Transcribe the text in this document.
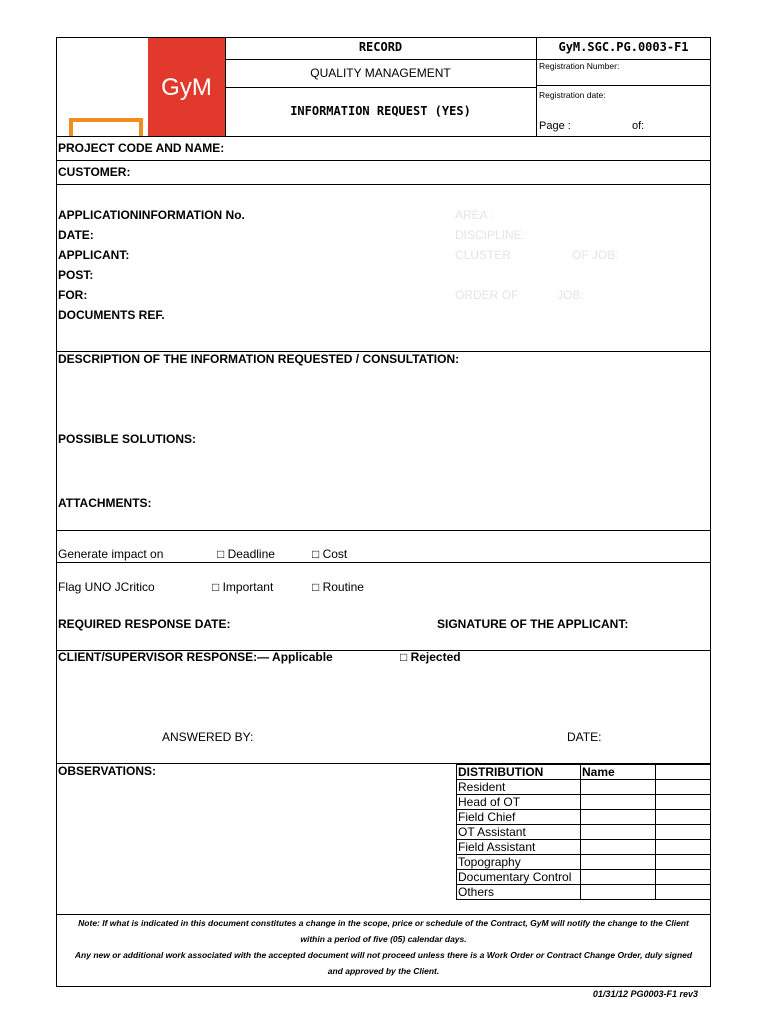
GyM
RECORD
QUALITY MANAGEMENT
INFORMATION REQUEST (YES)
GyM.SGC.PG.0003-F1
Registration Number:
Registration date:
Page :	of:
PROJECT CODE AND NAME:
CUSTOMER:
APPLICATIONINFORMATION No.
DATE:
APPLICANT:
POST:
FOR:
DOCUMENTS REF.
AREA :
DISCIPLINE:
CLUSTER	OF JOB:
ORDER OF	JOB:
DESCRIPTION OF THE INFORMATION REQUESTED / CONSULTATION:
POSSIBLE SOLUTIONS:
ATTACHMENTS:
Generate impact on	□ Deadline	□ Cost
Flag UNO JCritico	□ Important	□ Routine
REQUIRED RESPONSE DATE:	SIGNATURE OF THE APPLICANT:
CLIENT/SUPERVISOR RESPONSE:— Applicable	□ Rejected
ANSWERED BY:	DATE:
OBSERVATIONS:	DISTRIBUTION	Name	
Resident		
Head of OT		
Field Chief		
OT Assistant		
Field Assistant		
Topography		
Documentary Control		
Others		
Note: If what is indicated in this document constitutes a change in the scope, price or schedule of the Contract, GyM will notify the change to the Client
within a period of five (05) calendar days.
Any new or additional work associated with the accepted document will not proceed unless there is a Work Order or Contract Change Order, duly signed
and approved by the Client.
01/31/12 PG0003-F1 rev3
